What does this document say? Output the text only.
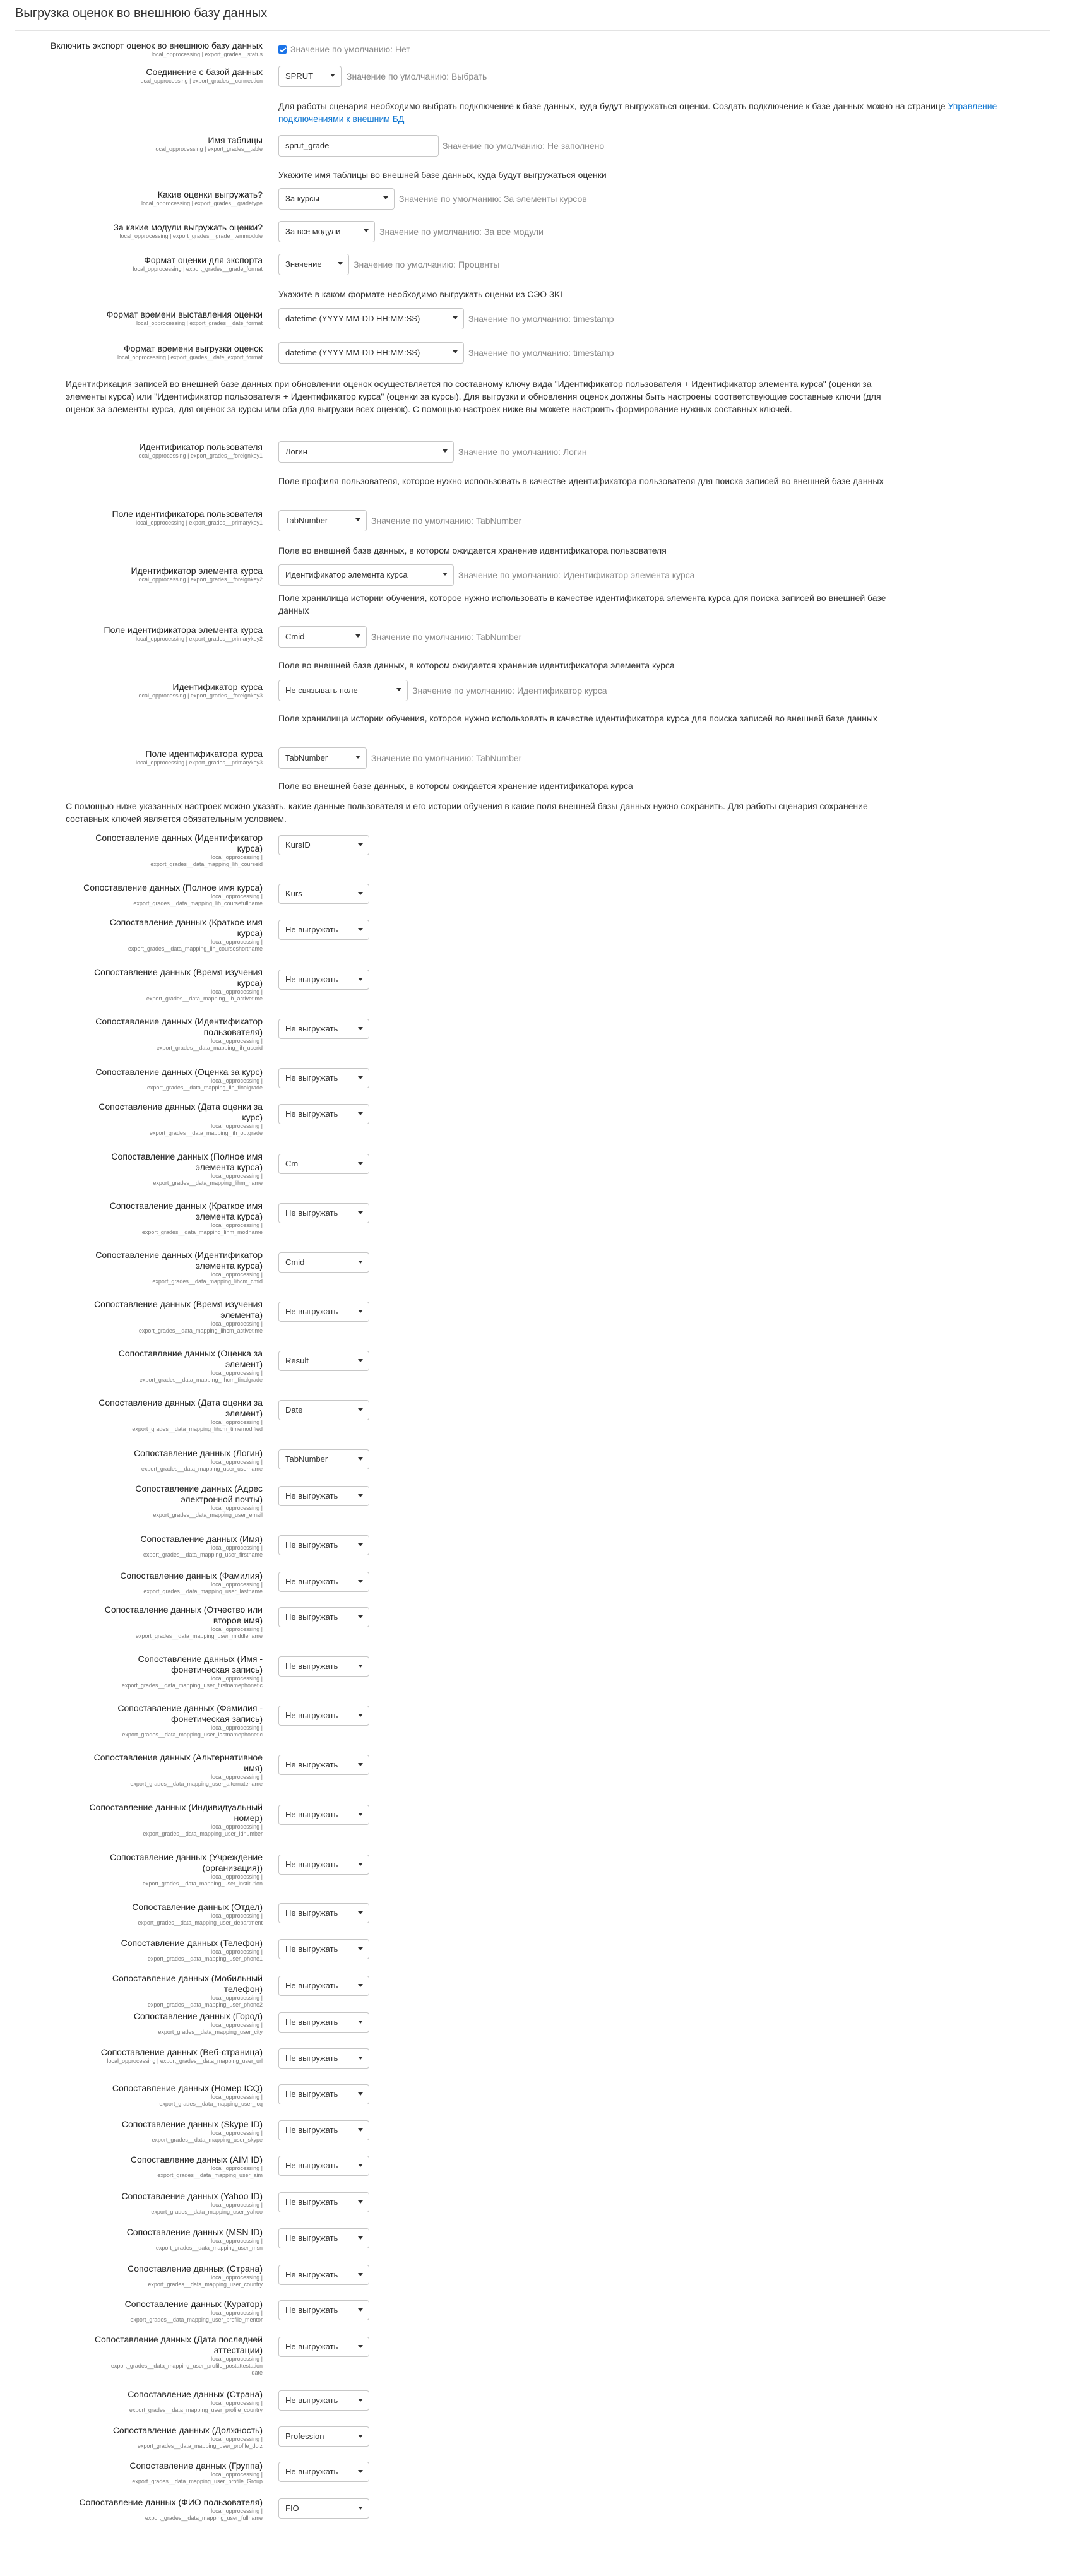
Выгрузка оценок во внешнюю базу данных
Включить экспорт оценок во внешнюю базу данных
local_opprocessing | export_grades__status	Значение по умолчанию: Нет
Соединение с базой данных
local_opprocessing | export_grades__connection	SPRUT	Значение по умолчанию: Выбрать
Для работы сценария необходимо выбрать подключение к базе данных, куда будут выгружаться оценки. Создать подключение к базе данных можно на странице Управление подключениями к внешним БД
Имя таблицы
local_opprocessing | export_grades__table	sprut_grade	Значение по умолчанию: Не заполнено
Укажите имя таблицы во внешней базе данных, куда будут выгружаться оценки
Какие оценки выгружать?
local_opprocessing | export_grades__gradetype	За курсы	Значение по умолчанию: За элементы курсов
За какие модули выгружать оценки?
local_opprocessing | export_grades__grade_itemmodule	За все модули	Значение по умолчанию: За все модули
Формат оценки для экспорта
local_opprocessing | export_grades__grade_format	Значение	Значение по умолчанию: Проценты
Укажите в каком формате необходимо выгружать оценки из СЭО 3KL
Формат времени выставления оценки
local_opprocessing | export_grades__date_format	datetime (YYYY-MM-DD HH:MM:SS)	Значение по умолчанию: timestamp
Формат времени выгрузки оценок
local_opprocessing | export_grades__date_export_format	datetime (YYYY-MM-DD HH:MM:SS)	Значение по умолчанию: timestamp
Идентификация записей во внешней базе данных при обновлении оценок осуществляется по составному ключу вида "Идентификатор пользователя + Идентификатор элемента курса" (оценки за элементы курса) или "Идентификатор пользователя + Идентификатор курса" (оценки за курсы). Для выгрузки и обновления оценок должны быть настроены соответствующие составные ключи (для оценок за элементы курса, для оценок за курсы или оба для выгрузки всех оценок). С помощью настроек ниже вы можете настроить формирование нужных составных ключей.
Идентификатор пользователя
local_opprocessing | export_grades__foreignkey1	Логин	Значение по умолчанию: Логин
Поле профиля пользователя, которое нужно использовать в качестве идентификатора пользователя для поиска записей во внешней базе данных
Поле идентификатора пользователя
local_opprocessing | export_grades__primarykey1	TabNumber	Значение по умолчанию: TabNumber
Поле во внешней базе данных, в котором ожидается хранение идентификатора пользователя
Идентификатор элемента курса
local_opprocessing | export_grades__foreignkey2	Идентификатор элемента курса	Значение по умолчанию: Идентификатор элемента курса
Поле хранилища истории обучения, которое нужно использовать в качестве идентификатора элемента курса для поиска записей во внешней базе данных
Поле идентификатора элемента курса
local_opprocessing | export_grades__primarykey2	Cmid	Значение по умолчанию: TabNumber
Поле во внешней базе данных, в котором ожидается хранение идентификатора элемента курса
Идентификатор курса
local_opprocessing | export_grades__foreignkey3
Не связывать поле	Значение по умолчанию: Идентификатор курса
Поле хранилища истории обучения, которое нужно использовать в качестве идентификатора курса для поиска записей во внешней базе данных
Поле идентификатора курса
local_opprocessing | export_grades__primarykey3	TabNumber	Значение по умолчанию: TabNumber
Поле во внешней базе данных, в котором ожидается хранение идентификатора курса
С помощью ниже указанных настроек можно указать, какие данные пользователя и его истории обучения в какие поля внешней базы данных нужно сохранить. Для работы сценария сохранение составных ключей является обязательным условием.
Сопоставление данных (Идентификатор
курса)
local_opprocessing |
export_grades__data_mapping_lih_courseid
KursID
Сопоставление данных (Полное имя курса)
local_opprocessing |
export_grades__data_mapping_lih_coursefullname
Kurs
Сопоставление данных (Краткое имя
курса)
local_opprocessing |
export_grades__data_mapping_lih_courseshortname
Не выгружать
Сопоставление данных (Время изучения
курса)
local_opprocessing |
export_grades__data_mapping_lih_activetime
Не выгружать
Сопоставление данных (Идентификатор
пользователя)
local_opprocessing |
export_grades__data_mapping_lih_userid
Не выгружать
Сопоставление данных (Оценка за курс)
local_opprocessing |
export_grades__data_mapping_lih_finalgrade
Не выгружать
Сопоставление данных (Дата оценки за
курс)
local_opprocessing |
export_grades__data_mapping_lih_outgrade
Не выгружать
Сопоставление данных (Полное имя
элемента курса)
local_opprocessing |
export_grades__data_mapping_lihm_name
Cm
Сопоставление данных (Краткое имя
элемента курса)
local_opprocessing |
export_grades__data_mapping_lihm_modname
Не выгружать
Сопоставление данных (Идентификатор
элемента курса)
local_opprocessing |
export_grades__data_mapping_lihcm_cmid
Cmid
Сопоставление данных (Время изучения
элемента)
local_opprocessing |
export_grades__data_mapping_lihcm_activetime
Не выгружать
Сопоставление данных (Оценка за
элемент)
local_opprocessing |
export_grades__data_mapping_lihcm_finalgrade
Result
Сопоставление данных (Дата оценки за
элемент)
local_opprocessing |
export_grades__data_mapping_lihcm_timemodified
Date
Сопоставление данных (Логин)
local_opprocessing |
export_grades__data_mapping_user_username
TabNumber
Сопоставление данных (Адрес
электронной почты)
local_opprocessing |
export_grades__data_mapping_user_email
Не выгружать
Сопоставление данных (Имя)
local_opprocessing |
export_grades__data_mapping_user_firstname
Не выгружать
Сопоставление данных (Фамилия)
local_opprocessing |
export_grades__data_mapping_user_lastname
Не выгружать
Сопоставление данных (Отчество или
второе имя)
local_opprocessing |
export_grades__data_mapping_user_middlename
Не выгружать
Сопоставление данных (Имя -
фонетическая запись)
local_opprocessing |
export_grades__data_mapping_user_firstnamephonetic
Не выгружать
Сопоставление данных (Фамилия -
фонетическая запись)
local_opprocessing |
export_grades__data_mapping_user_lastnamephonetic
Не выгружать
Сопоставление данных (Альтернативное
имя)
local_opprocessing |
export_grades__data_mapping_user_alternatename
Не выгружать
Сопоставление данных (Индивидуальный
номер)
local_opprocessing |
export_grades__data_mapping_user_idnumber
Не выгружать
Сопоставление данных (Учреждение
(организация))
local_opprocessing |
export_grades__data_mapping_user_institution
Не выгружать
Сопоставление данных (Отдел)
local_opprocessing |
export_grades__data_mapping_user_department
Не выгружать
Сопоставление данных (Телефон)
local_opprocessing |
export_grades__data_mapping_user_phone1
Не выгружать
Сопоставление данных (Мобильный
телефон)
local_opprocessing |
export_grades__data_mapping_user_phone2
Не выгружать
Сопоставление данных (Город)
local_opprocessing |
export_grades__data_mapping_user_city
Не выгружать
Сопоставление данных (Веб-страница)
local_opprocessing | export_grades__data_mapping_user_url	Не выгружать
Сопоставление данных (Номер ICQ)
local_opprocessing |
export_grades__data_mapping_user_icq
Не выгружать
Сопоставление данных (Skype ID)
local_opprocessing |
export_grades__data_mapping_user_skype
Не выгружать
Сопоставление данных (AIM ID)
local_opprocessing |
export_grades__data_mapping_user_aim
Не выгружать
Сопоставление данных (Yahoo ID)
local_opprocessing |
export_grades__data_mapping_user_yahoo
Не выгружать
Сопоставление данных (MSN ID)
local_opprocessing |
export_grades__data_mapping_user_msn
Не выгружать
Сопоставление данных (Страна)
local_opprocessing |
export_grades__data_mapping_user_country
Не выгружать
Сопоставление данных (Куратор)
local_opprocessing |
export_grades__data_mapping_user_profile_mentor
Не выгружать
Сопоставление данных (Дата последней
аттестации)
local_opprocessing |
export_grades__data_mapping_user_profile_postattestation
date
Не выгружать
Сопоставление данных (Страна)
local_opprocessing |
export_grades__data_mapping_user_profile_country
Не выгружать
Сопоставление данных (Должность)
local_opprocessing |
export_grades__data_mapping_user_profile_dolz
Profession
Сопоставление данных (Группа)
local_opprocessing |
export_grades__data_mapping_user_profile_Group
Не выгружать
Сопоставление данных (ФИО пользователя)
local_opprocessing |
export_grades__data_mapping_user_fullname
FIO
